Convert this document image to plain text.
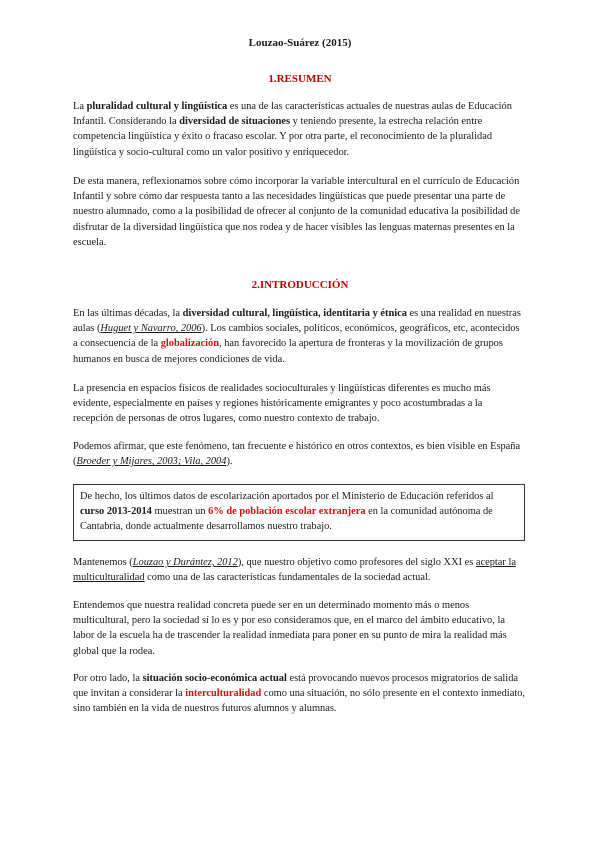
Louzao-Suárez (2015)
1.RESUMEN
La pluralidad cultural y lingüística es una de las características actuales de nuestras aulas de Educación Infantil. Considerando la diversidad de situaciones y teniendo presente, la estrecha relación entre competencia lingüística y éxito o fracaso escolar. Y por otra parte, el reconocimiento de la pluralidad lingüística y socio-cultural como un valor positivo y enriquecedor.
De esta manera, reflexionamos sobre cómo incorporar la variable intercultural en el currículo de Educación Infantil y sobre cómo dar respuesta tanto a las necesidades lingüísticas que puede presentar una parte de nuestro alumnado, como a la posibilidad de ofrecer al conjunto de la comunidad educativa la posibilidad de disfrutar de la diversidad lingüística que nos rodea y de hacer visibles las lenguas maternas presentes en la escuela.
2.INTRODUCCIÓN
En las últimas décadas, la diversidad cultural, lingüística, identitaria y étnica es una realidad en nuestras aulas (Huguet y Navarro, 2006). Los cambios sociales, políticos, económicos, geográficos, etc, acontecidos a consecuencia de la globalización, han favorecido la apertura de fronteras y la movilización de grupos humanos en busca de mejores condiciones de vida.
La presencia en espacios físicos de realidades socioculturales y lingüísticas diferentes es mucho más evidente, especialmente en países y regiones históricamente emigrantes y poco acostumbradas a la recepción de personas de otros lugares, como nuestro contexto de trabajo.
Podemos afirmar, que este fenómeno, tan frecuente e histórico en otros contextos, es bien visible en España (Broeder y Mijares, 2003; Vila, 2004).
De hecho, los últimos datos de escolarización aportados por el Ministerio de Educación referidos al curso 2013-2014 muestran un 6% de población escolar extranjera en la comunidad autónoma de Cantabria, donde actualmente desarrollamos nuestro trabajo.
Mantenemos (Louzao y Durántez, 2012), que nuestro objetivo como profesores del siglo XXI es aceptar la multiculturalidad como una de las características fundamentales de la sociedad actual.
Entendemos que nuestra realidad concreta puede ser en un determinado momento más o menos multicultural, pero la sociedad sí lo es y por eso consideramos que, en el marco del ámbito educativo, la labor de la escuela ha de trascender la realidad inmediata para poner en su punto de mira la realidad más global que la rodea.
Por otro lado, la situación socio-económica actual está provocando nuevos procesos migratorios de salida que invitan a considerar la interculturalidad como una situación, no sólo presente en el contexto inmediato, sino también en la vida de nuestros futuros alumnos y alumnas.
